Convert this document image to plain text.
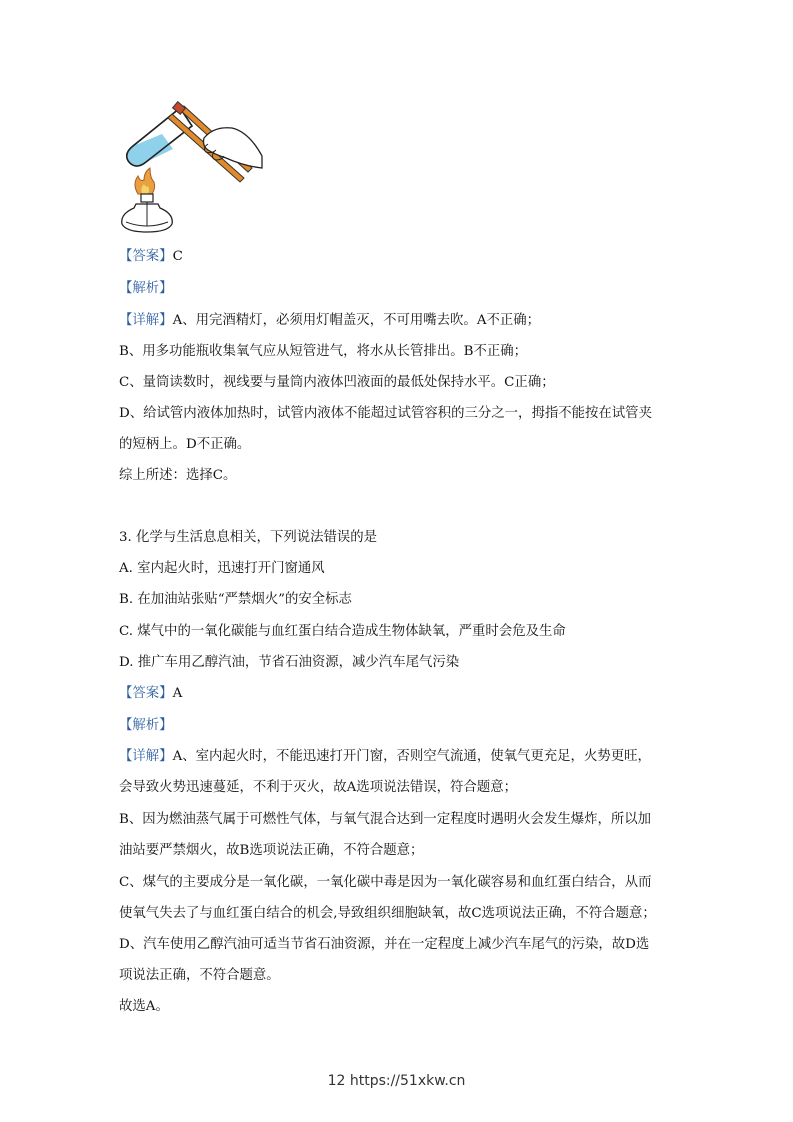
【答案】C
【解析】
【详解】A、用完酒精灯，必须用灯帽盖灭，不可用嘴去吹。A不正确；
B、用多功能瓶收集氧气应从短管进气，将水从长管排出。B不正确；
C、量筒读数时，视线要与量筒内液体凹液面的最低处保持水平。C正确；
D、给试管内液体加热时，试管内液体不能超过试管容积的三分之一，拇指不能按在试管夹
的短柄上。D不正确。
综上所述：选择C。
3. 化学与生活息息相关，下列说法错误的是
A. 室内起火时，迅速打开门窗通风
B. 在加油站张贴“严禁烟火”的安全标志
C. 煤气中的一氧化碳能与血红蛋白结合造成生物体缺氧，严重时会危及生命
D. 推广车用乙醇汽油，节省石油资源，减少汽车尾气污染
【答案】A
【解析】
【详解】A、室内起火时，不能迅速打开门窗，否则空气流通，使氧气更充足，火势更旺，
会导致火势迅速蔓延，不利于灭火，故A选项说法错误，符合题意；
B、因为燃油蒸气属于可燃性气体，与氧气混合达到一定程度时遇明火会发生爆炸，所以加
油站要严禁烟火，故B选项说法正确，不符合题意；
C、煤气的主要成分是一氧化碳，一氧化碳中毒是因为一氧化碳容易和血红蛋白结合，从而
使氧气失去了与血红蛋白结合的机会,导致组织细胞缺氧，故C选项说法正确，不符合题意；
D、汽车使用乙醇汽油可适当节省石油资源，并在一定程度上减少汽车尾气的污染，故D选
项说法正确，不符合题意。
故选A。
12 https://51xkw.cn
